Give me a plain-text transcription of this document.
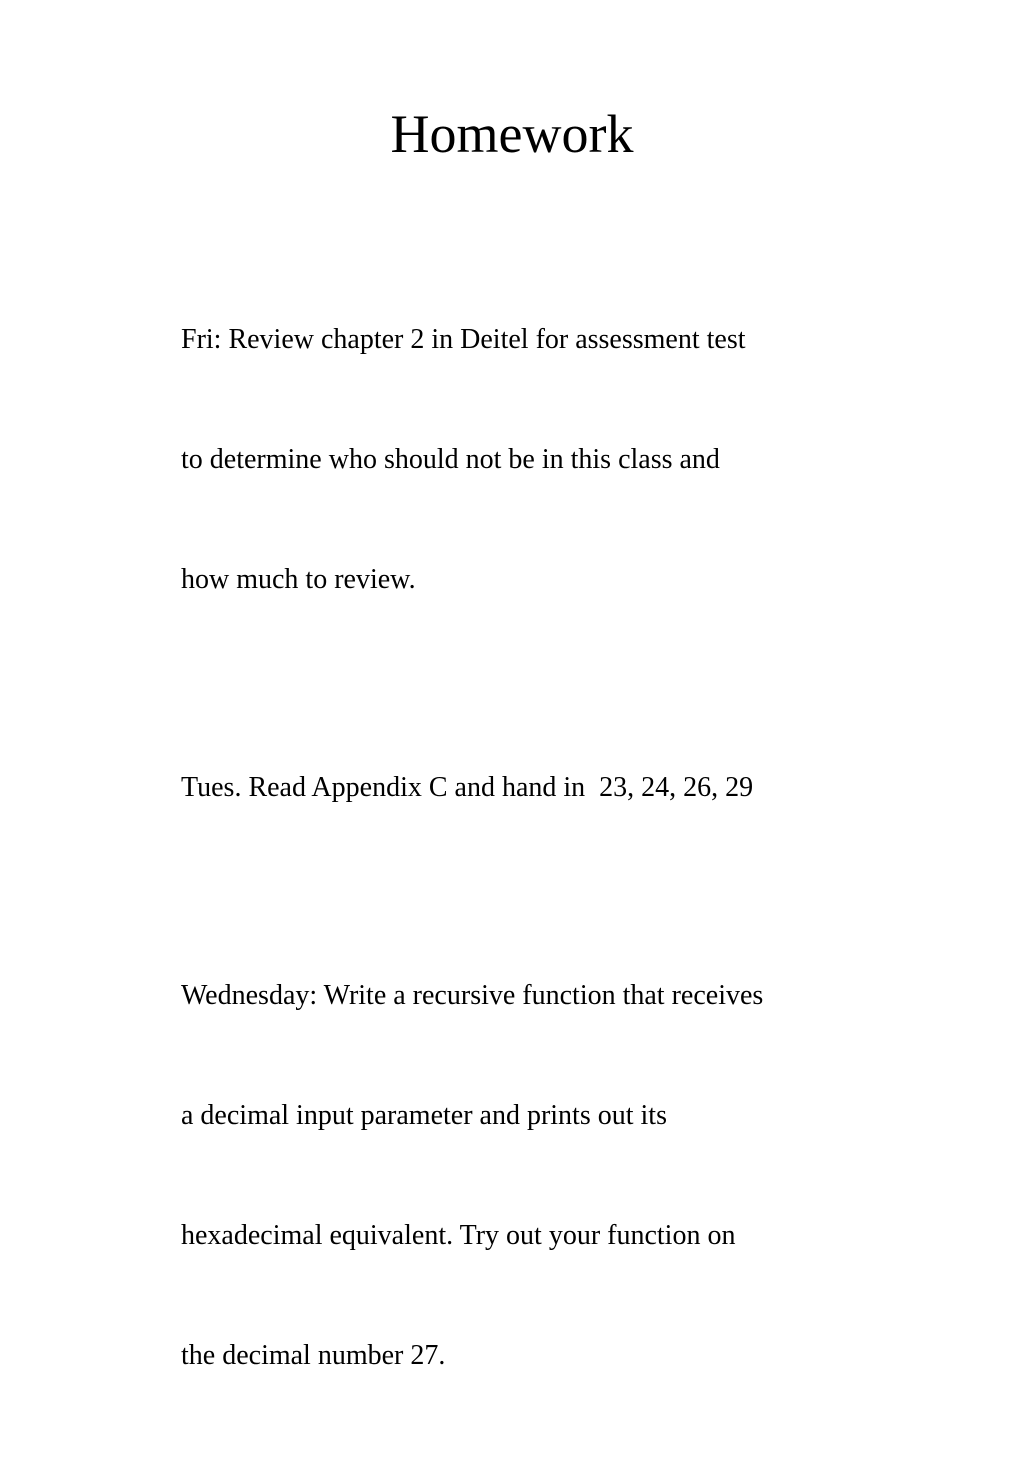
Homework

Fri: Review chapter 2 in Deitel for assessment test

to determine who should not be in this class and

how much to review.

Tues. Read Appendix C and hand in  23, 24, 26, 29

Wednesday: Write a recursive function that receives

a decimal input parameter and prints out its

hexadecimal equivalent. Try out your function on

the decimal number 27.
